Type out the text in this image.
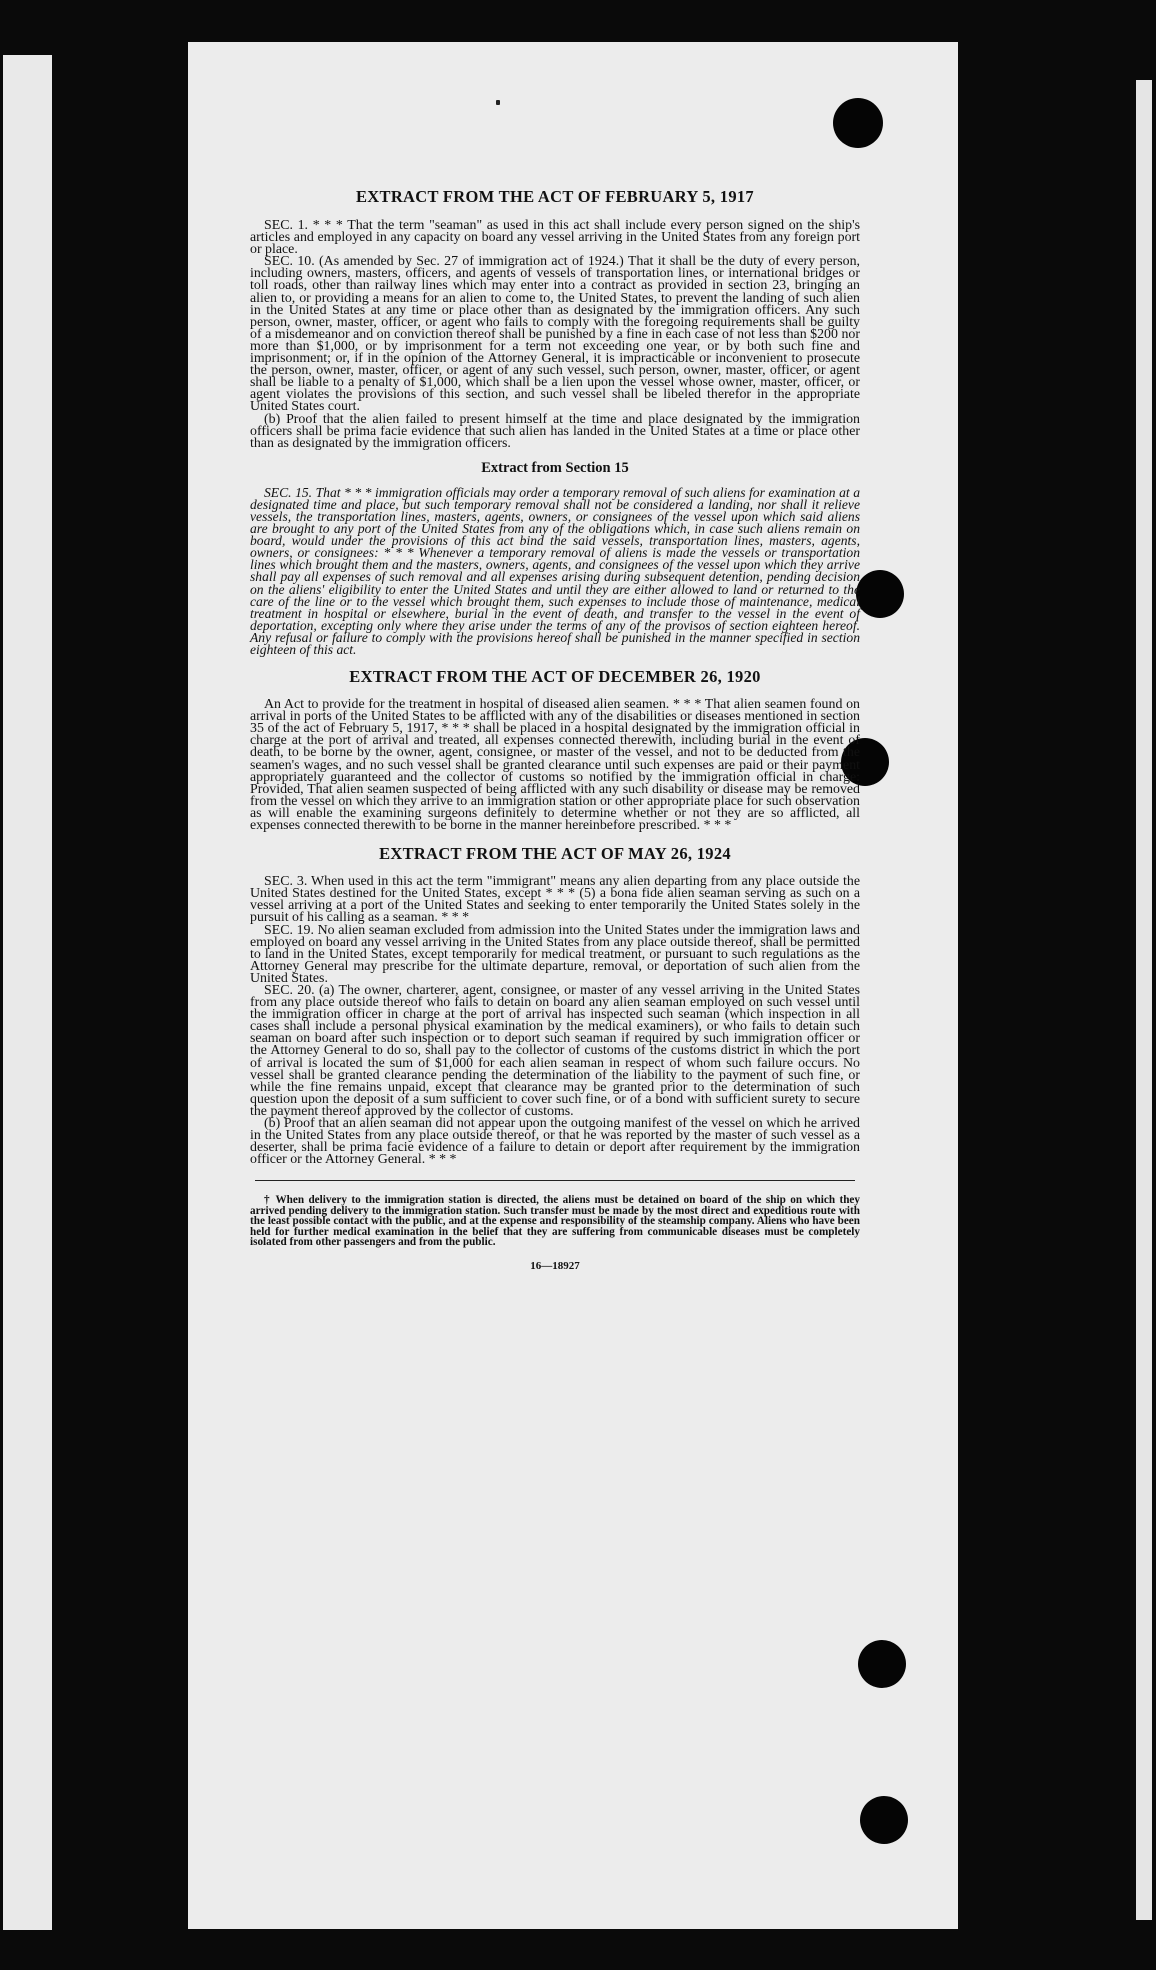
EXTRACT FROM THE ACT OF FEBRUARY 5, 1917

SEC. 1. * * * That the term "seaman" as used in this act shall include every person signed on the ship's articles and employed in any capacity on board any vessel arriving in the United States from any foreign port or place.

SEC. 10. (As amended by Sec. 27 of immigration act of 1924.) That it shall be the duty of every person, including owners, masters, officers, and agents of vessels of transportation lines, or international bridges or toll roads, other than railway lines which may enter into a contract as provided in section 23, bringing an alien to, or providing a means for an alien to come to, the United States, to prevent the landing of such alien in the United States at any time or place other than as designated by the immigration officers. Any such person, owner, master, officer, or agent who fails to comply with the foregoing requirements shall be guilty of a misdemeanor and on conviction thereof shall be punished by a fine in each case of not less than $200 nor more than $1,000, or by imprisonment for a term not exceeding one year, or by both such fine and imprisonment; or, if in the opinion of the Attorney General, it is impracticable or inconvenient to prosecute the person, owner, master, officer, or agent of any such vessel, such person, owner, master, officer, or agent shall be liable to a penalty of $1,000, which shall be a lien upon the vessel whose owner, master, officer, or agent violates the provisions of this section, and such vessel shall be libeled therefor in the appropriate United States court.

(b) Proof that the alien failed to present himself at the time and place designated by the immigration officers shall be prima facie evidence that such alien has landed in the United States at a time or place other than as designated by the immigration officers.

Extract from Section 15

SEC. 15. That * * * immigration officials may order a temporary removal of such aliens for examination at a designated time and place, but such temporary removal shall not be considered a landing, nor shall it relieve vessels, the transportation lines, masters, agents, owners, or consignees of the vessel upon which said aliens are brought to any port of the United States from any of the obligations which, in case such aliens remain on board, would under the provisions of this act bind the said vessels, transportation lines, masters, agents, owners, or consignees: * * * Whenever a temporary removal of aliens is made the vessels or transportation lines which brought them and the masters, owners, agents, and consignees of the vessel upon which they arrive shall pay all expenses of such removal and all expenses arising during subsequent detention, pending decision on the aliens' eligibility to enter the United States and until they are either allowed to land or returned to the care of the line or to the vessel which brought them, such expenses to include those of maintenance, medical treatment in hospital or elsewhere, burial in the event of death, and transfer to the vessel in the event of deportation, excepting only where they arise under the terms of any of the provisos of section eighteen hereof. Any refusal or failure to comply with the provisions hereof shall be punished in the manner specified in section eighteen of this act.

EXTRACT FROM THE ACT OF DECEMBER 26, 1920

An Act to provide for the treatment in hospital of diseased alien seamen. * * * That alien seamen found on arrival in ports of the United States to be afflicted with any of the disabilities or diseases mentioned in section 35 of the act of February 5, 1917, * * * shall be placed in a hospital designated by the immigration official in charge at the port of arrival and treated, all expenses connected therewith, including burial in the event of death, to be borne by the owner, agent, consignee, or master of the vessel, and not to be deducted from the seamen's wages, and no such vessel shall be granted clearance until such expenses are paid or their payment appropriately guaranteed and the collector of customs so notified by the immigration official in charge: Provided, That alien seamen suspected of being afflicted with any such disability or disease may be removed from the vessel on which they arrive to an immigration station or other appropriate place for such observation as will enable the examining surgeons definitely to determine whether or not they are so afflicted, all expenses connected therewith to be borne in the manner hereinbefore prescribed. * * *

EXTRACT FROM THE ACT OF MAY 26, 1924

SEC. 3. When used in this act the term "immigrant" means any alien departing from any place outside the United States destined for the United States, except * * * (5) a bona fide alien seaman serving as such on a vessel arriving at a port of the United States and seeking to enter temporarily the United States solely in the pursuit of his calling as a seaman. * * *

SEC. 19. No alien seaman excluded from admission into the United States under the immigration laws and employed on board any vessel arriving in the United States from any place outside thereof, shall be permitted to land in the United States, except temporarily for medical treatment, or pursuant to such regulations as the Attorney General may prescribe for the ultimate departure, removal, or deportation of such alien from the United States.

SEC. 20. (a) The owner, charterer, agent, consignee, or master of any vessel arriving in the United States from any place outside thereof who fails to detain on board any alien seaman employed on such vessel until the immigration officer in charge at the port of arrival has inspected such seaman (which inspection in all cases shall include a personal physical examination by the medical examiners), or who fails to detain such seaman on board after such inspection or to deport such seaman if required by such immigration officer or the Attorney General to do so, shall pay to the collector of customs of the customs district in which the port of arrival is located the sum of $1,000 for each alien seaman in respect of whom such failure occurs. No vessel shall be granted clearance pending the determination of the liability to the payment of such fine, or while the fine remains unpaid, except that clearance may be granted prior to the determination of such question upon the deposit of a sum sufficient to cover such fine, or of a bond with sufficient surety to secure the payment thereof approved by the collector of customs.

(b) Proof that an alien seaman did not appear upon the outgoing manifest of the vessel on which he arrived in the United States from any place outside thereof, or that he was reported by the master of such vessel as a deserter, shall be prima facie evidence of a failure to detain or deport after requirement by the immigration officer or the Attorney General. * * *

† When delivery to the immigration station is directed, the aliens must be detained on board of the ship on which they arrived pending delivery to the immigration station. Such transfer must be made by the most direct and expeditious route with the least possible contact with the public, and at the expense and responsibility of the steamship company. Aliens who have been held for further medical examination in the belief that they are suffering from communicable diseases must be completely isolated from other passengers and from the public.

16—18927
